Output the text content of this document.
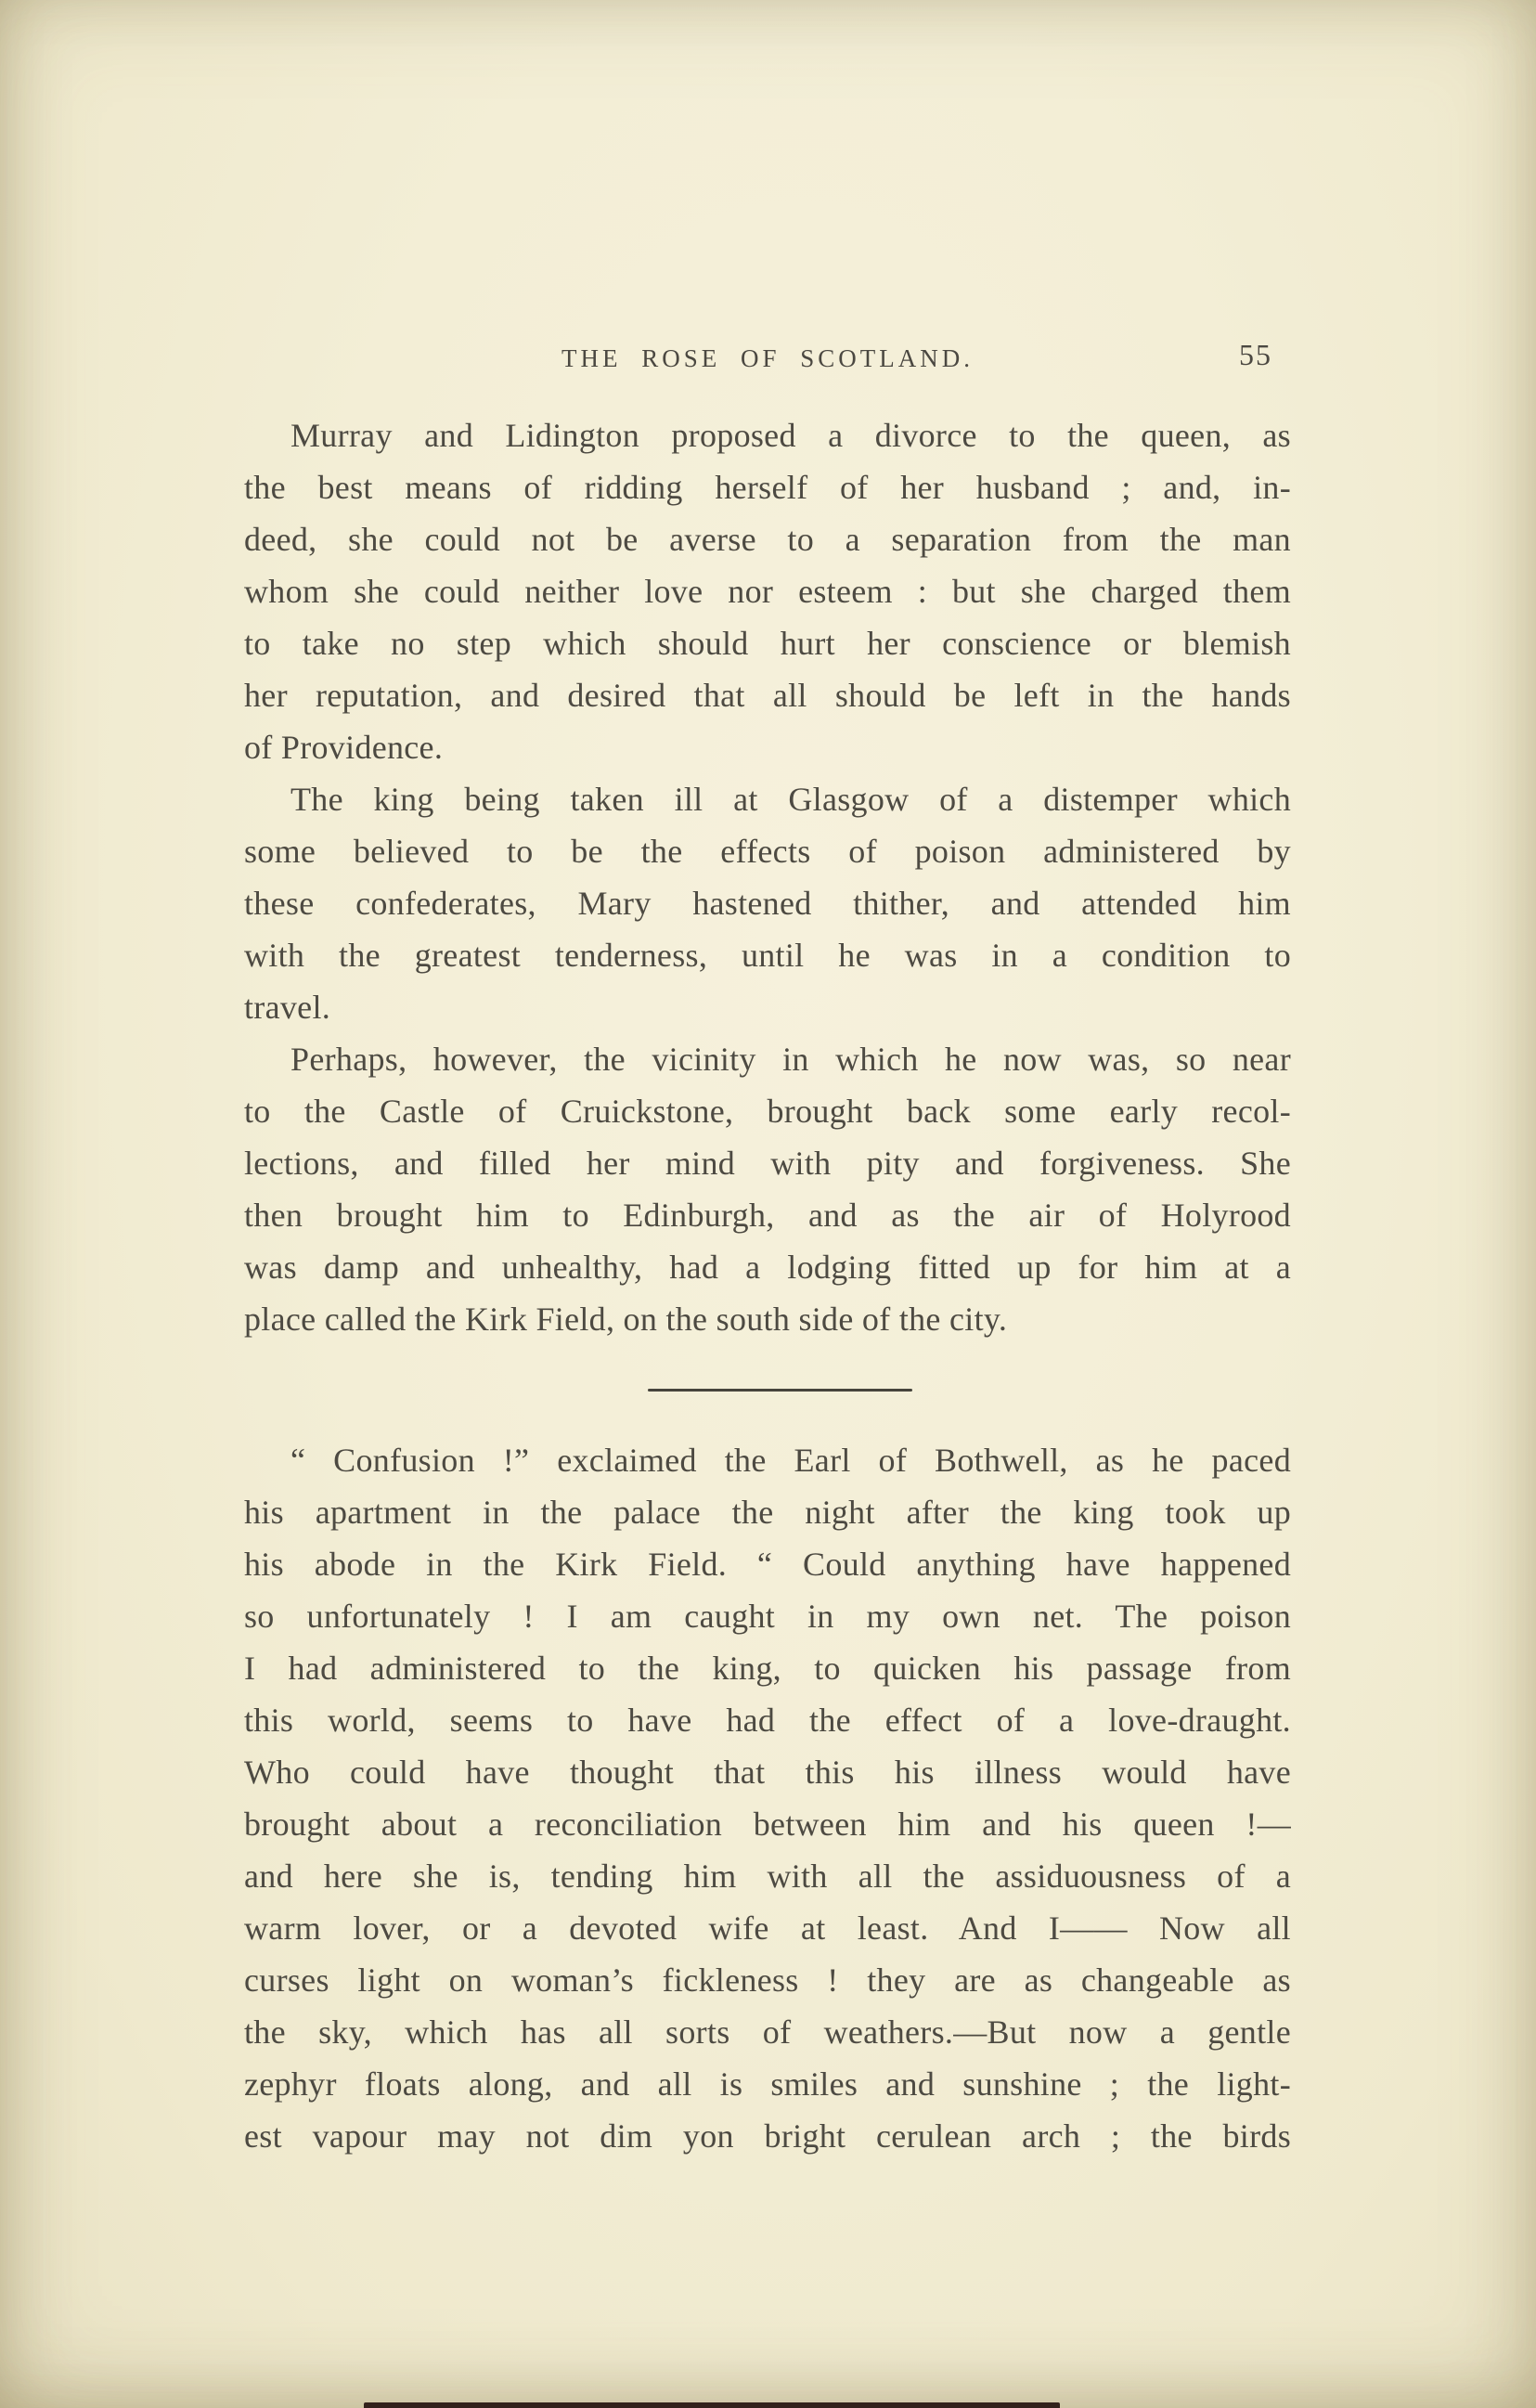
THE ROSE OF SCOTLAND.	55
Murray and Lidington proposed a divorce to the queen, as
the best means of ridding herself of her husband ; and, in-
deed, she could not be averse to a separation from the man
whom she could neither love nor esteem : but she charged them
to take no step which should hurt her conscience or blemish
her reputation, and desired that all should be left in the hands
of Providence.
The king being taken ill at Glasgow of a distemper which
some believed to be the effects of poison administered by
these confederates, Mary hastened thither, and attended him
with the greatest tenderness, until he was in a condition to
travel.
Perhaps, however, the vicinity in which he now was, so near
to the Castle of Cruickstone, brought back some early recol-
lections, and filled her mind with pity and forgiveness. She
then brought him to Edinburgh, and as the air of Holyrood
was damp and unhealthy, had a lodging fitted up for him at a
place called the Kirk Field, on the south side of the city.
“ Confusion !” exclaimed the Earl of Bothwell, as he paced
his apartment in the palace the night after the king took up
his abode in the Kirk Field. “ Could anything have happened
so unfortunately ! I am caught in my own net. The poison
I had administered to the king, to quicken his passage from
this world, seems to have had the effect of a love-draught.
Who could have thought that this his illness would have
brought about a reconciliation between him and his queen !—
and here she is, tending him with all the assiduousness of a
warm lover, or a devoted wife at least. And I—— Now all
curses light on woman’s fickleness ! they are as changeable as
the sky, which has all sorts of weathers.—But now a gentle
zephyr floats along, and all is smiles and sunshine ; the light-
est vapour may not dim yon bright cerulean arch ; the birds
